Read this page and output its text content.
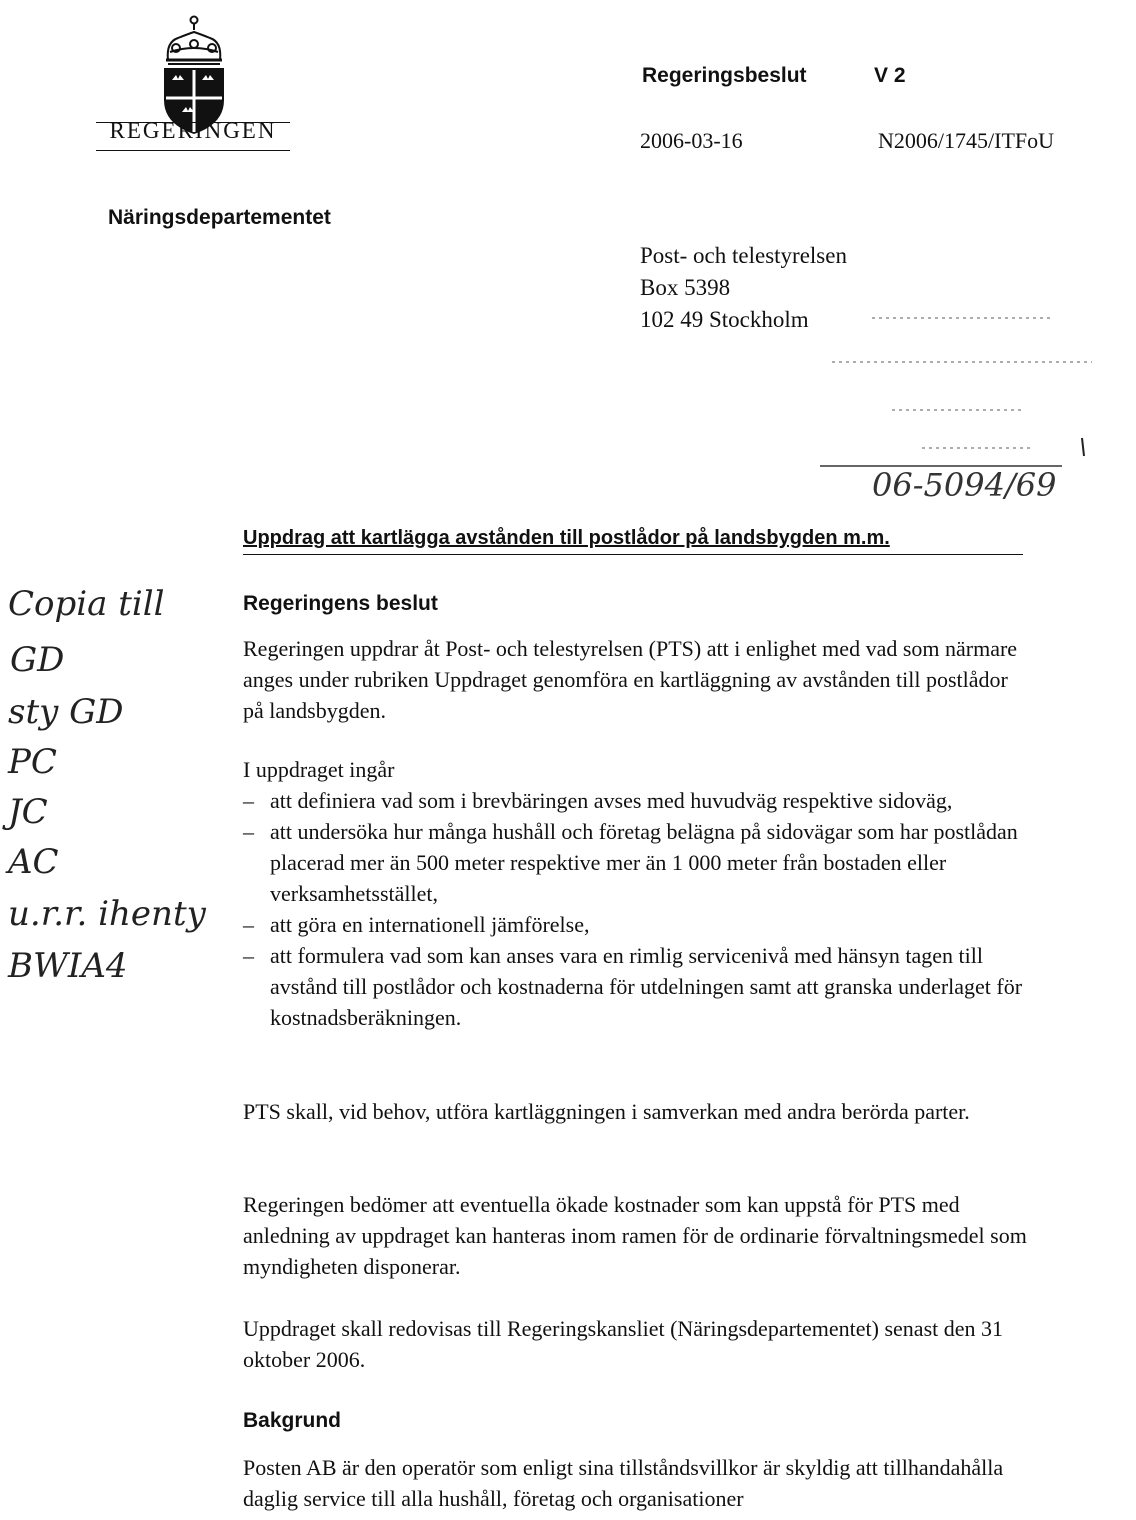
REGERINGEN
Regeringsbeslut	V 2
2006-03-16	N2006/1745/ITFoU
Näringsdepartementet
Post- och telestyrelsen
Box 5398
102 49 Stockholm
06-5094/69
Uppdrag att kartlägga avstånden till postlådor på landsbygden m.m.
Copia till
GD
sty GD
PC
JC
AC
u.r.r. ihenty
BWIA4
Regeringens beslut
Regeringen uppdrar åt Post- och telestyrelsen (PTS) att i enlighet med vad som närmare anges under rubriken Uppdraget genomföra en kartläggning av avstånden till postlådor på landsbygden.
I uppdraget ingår
– att definiera vad som i brevbäringen avses med huvudväg respektive sidoväg,
– att undersöka hur många hushåll och företag belägna på sidovägar som har postlådan placerad mer än 500 meter respektive mer än 1 000 meter från bostaden eller verksamhetsstället,
– att göra en internationell jämförelse,
– att formulera vad som kan anses vara en rimlig servicenivå med hänsyn tagen till avstånd till postlådor och kostnaderna för utdelningen samt att granska underlaget för kostnadsberäkningen.
PTS skall, vid behov, utföra kartläggningen i samverkan med andra berörda parter.
Regeringen bedömer att eventuella ökade kostnader som kan uppstå för PTS med anledning av uppdraget kan hanteras inom ramen för de ordinarie förvaltningsmedel som myndigheten disponerar.
Uppdraget skall redovisas till Regeringskansliet (Näringsdepartementet) senast den 31 oktober 2006.
Bakgrund
Posten AB är den operatör som enligt sina tillståndsvillkor är skyldig att tillhandahålla daglig service till alla hushåll, företag och organisationer
